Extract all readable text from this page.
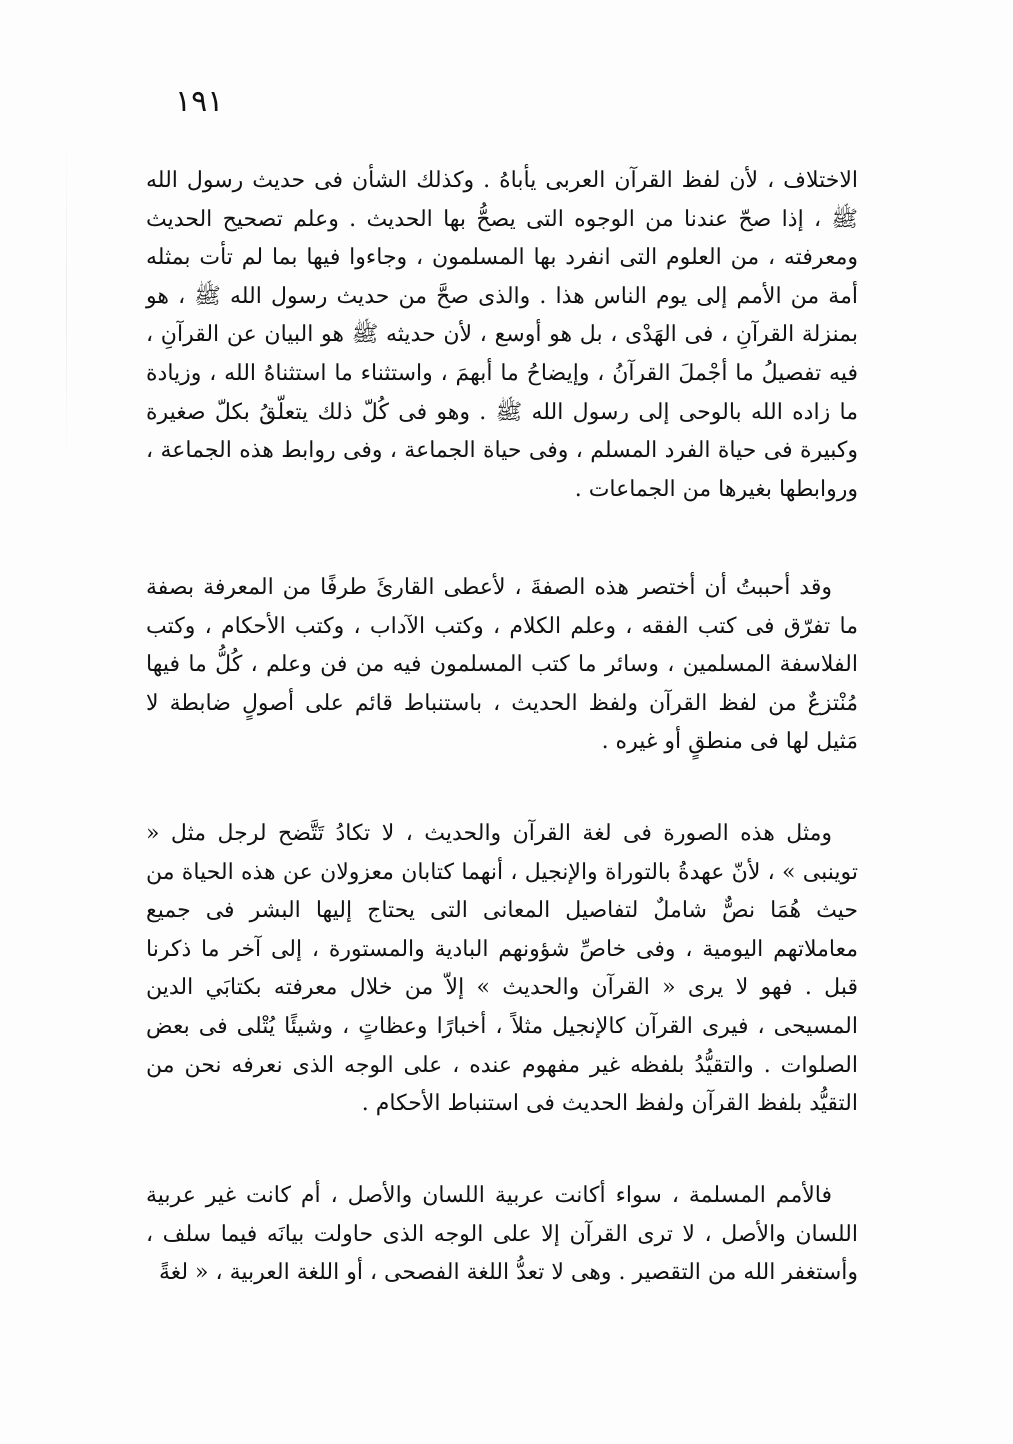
١٩١

الاختلاف ، لأن لفظ القرآن العربى يأباهُ . وكذلك الشأن فى حديث رسول الله ﷺ ، إذا صحّ عندنا من الوجوه التى يصحُّ بها الحديث . وعلم تصحيح الحديث ومعرفته ، من العلوم التى انفرد بها المسلمون ، وجاءوا فيها بما لم تأت بمثله أمة من الأمم إلى يوم الناس هذا . والذى صحَّ من حديث رسول الله ﷺ ، هو بمنزلة القرآنِ ، فى الهَدْى ، بل هو أوسع ، لأن حديثه ﷺ هو البيان عن القرآنِ ، فيه تفصيلُ ما أجْملَ القرآنُ ، وإيضاحُ ما أبهمَ ، واستثناء ما استثناهُ الله ، وزيادة ما زاده الله بالوحى إلى رسول الله ﷺ . وهو فى كُلّ ذلك يتعلّقُ بكلّ صغيرة وكبيرة فى حياة الفرد المسلم ، وفى حياة الجماعة ، وفى روابط هذه الجماعة ، وروابطها بغيرها من الجماعات .

وقد أحببتُ أن أختصر هذه الصفةَ ، لأعطى القارئَ طرفًا من المعرفة بصفة ما تفرّق فى كتب الفقه ، وعلم الكلام ، وكتب الآداب ، وكتب الأحكام ، وكتب الفلاسفة المسلمين ، وسائر ما كتب المسلمون فيه من فن وعلم ، كُلُّ ما فيها مُنْتزعٌ من لفظ القرآن ولفظ الحديث ، باستنباط قائم على أصولٍ ضابطة لا مَثيل لها فى منطقٍ أو غيره .

ومثل هذه الصورة فى لغة القرآن والحديث ، لا تكادُ تَتَّضح لرجل مثل « توينبى » ، لأنّ عهدةُ بالتوراة والإنجيل ، أنهما كتابان معزولان عن هذه الحياة من حيث هُمَا نصٌّ شاملٌ لتفاصيل المعانى التى يحتاج إليها البشر فى جميع معاملاتهم اليومية ، وفى خاصِّ شؤونهم البادية والمستورة ، إلى آخر ما ذكرنا قبل . فهو لا يرى « القرآن والحديث » إلاّ من خلال معرفته بكتابَي الدين المسيحى ، فيرى القرآن كالإنجيل مثلاً ، أخبارًا وعظاتٍ ، وشيئًا يُتْلى فى بعض الصلوات . والتقيُّدُ بلفظه غير مفهوم عنده ، على الوجه الذى نعرفه نحن من التقيُّد بلفظ القرآن ولفظ الحديث فى استنباط الأحكام .

فالأمم المسلمة ، سواء أكانت عربية اللسان والأصل ، أم كانت غير عربية اللسان والأصل ، لا ترى القرآن إلا على الوجه الذى حاولت بيانَه فيما سلف ، وأستغفر الله من التقصير . وهى لا تعدُّ اللغة الفصحى ، أو اللغة العربية ، « لغةً
